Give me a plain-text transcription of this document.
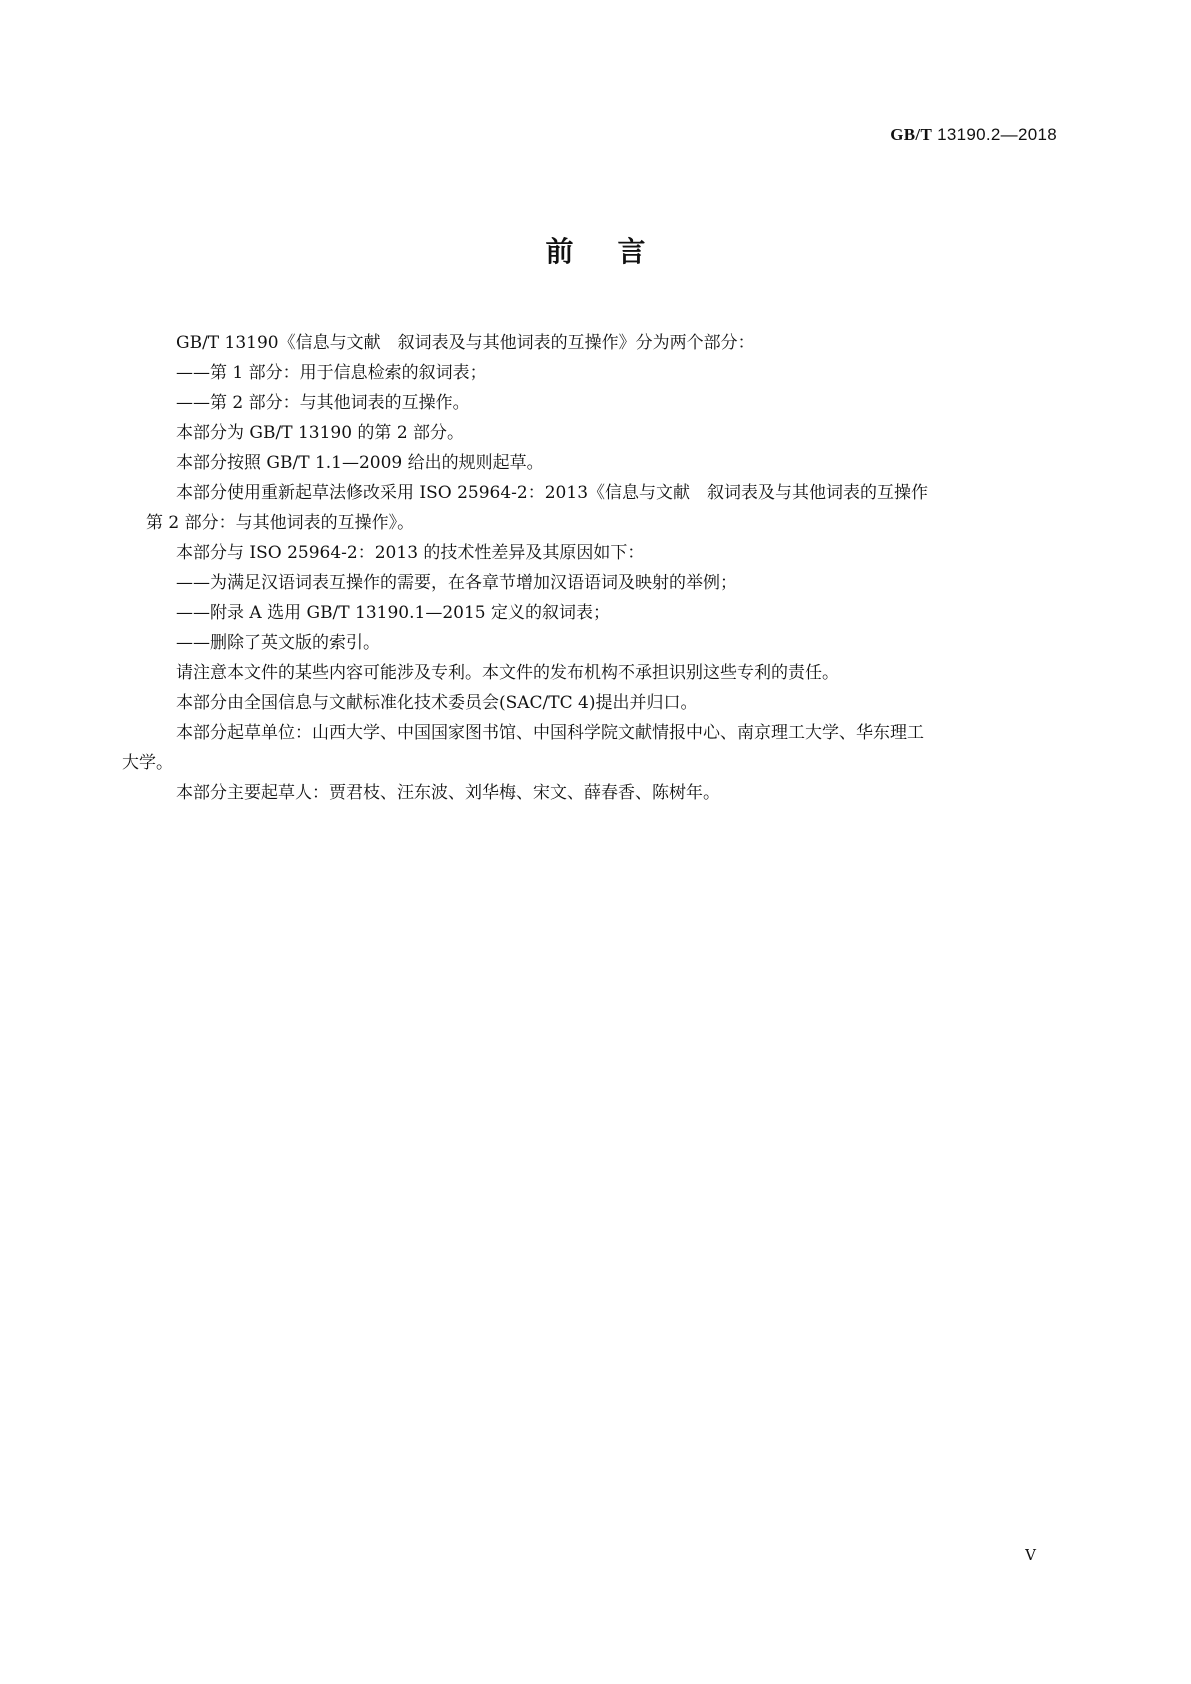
GB/T 13190.2—2018
前言

GB/T 13190《信息与文献　叙词表及与其他词表的互操作》分为两个部分：

——第 1 部分：用于信息检索的叙词表；

——第 2 部分：与其他词表的互操作。

本部分为 GB/T 13190 的第 2 部分。

本部分按照 GB/T 1.1—2009 给出的规则起草。

本部分使用重新起草法修改采用 ISO 25964-2：2013《信息与文献　叙词表及与其他词表的互操作

第 2 部分：与其他词表的互操作》。

本部分与 ISO 25964-2：2013 的技术性差异及其原因如下：

——为满足汉语词表互操作的需要，在各章节增加汉语语词及映射的举例；

——附录 A 选用 GB/T 13190.1—2015 定义的叙词表；

——删除了英文版的索引。

请注意本文件的某些内容可能涉及专利。本文件的发布机构不承担识别这些专利的责任。

本部分由全国信息与文献标准化技术委员会(SAC/TC 4)提出并归口。

本部分起草单位：山西大学、中国国家图书馆、中国科学院文献情报中心、南京理工大学、华东理工

大学。

本部分主要起草人：贾君枝、汪东波、刘华梅、宋文、薛春香、陈树年。

V
